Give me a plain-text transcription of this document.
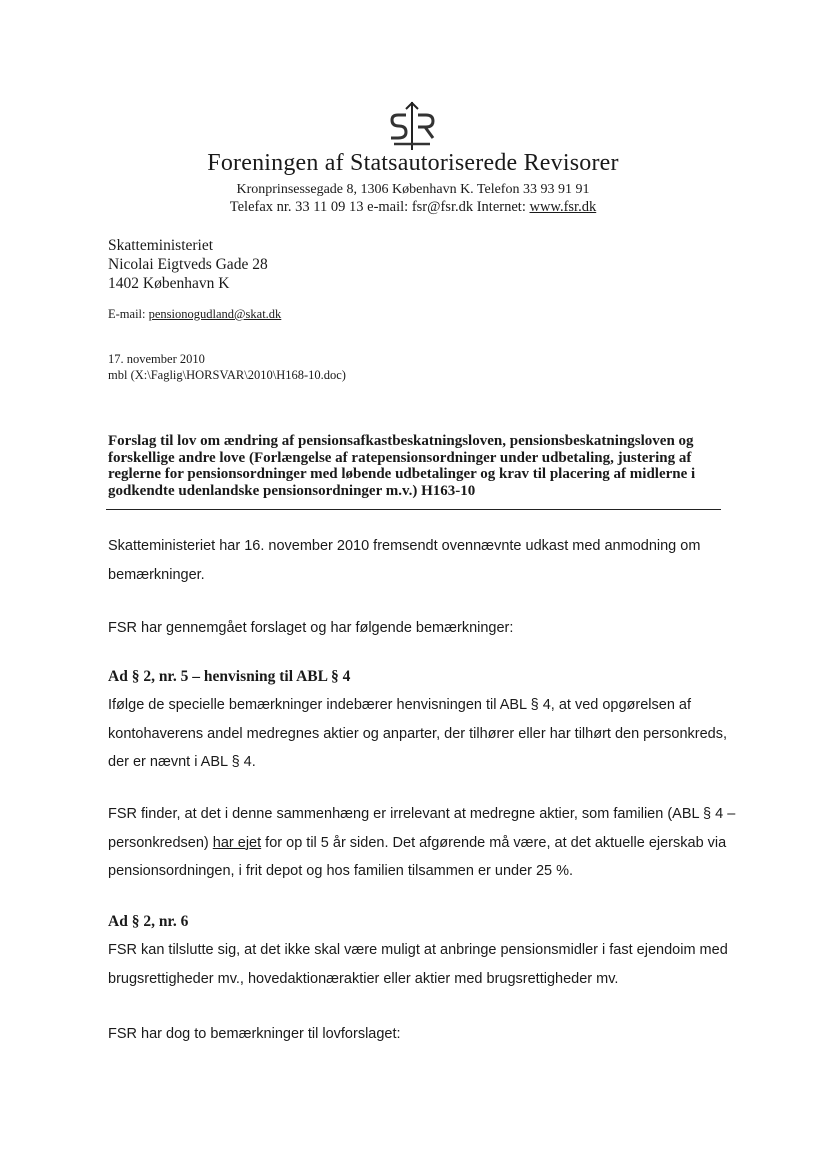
Foreningen af Statsautoriserede Revisorer
Kronprinsessegade 8, 1306 København K. Telefon 33 93 91 91
Telefax nr. 33 11 09 13 e-mail: fsr@fsr.dk Internet: www.fsr.dk
Skatteministeriet
Nicolai Eigtveds Gade 28
1402 København K
E-mail: pensionogudland@skat.dk
17. november 2010
mbl (X:\Faglig\HORSVAR\2010\H168-10.doc)
Forslag til lov om ændring af pensionsafkastbeskatningsloven, pensionsbeskatningsloven og forskellige andre love (Forlængelse af ratepensionsordninger under udbetaling, justering af reglerne for pensionsordninger med løbende udbetalinger og krav til placering af midlerne i godkendte udenlandske pensionsordninger m.v.) H163-10
Skatteministeriet har 16. november 2010 fremsendt ovennævnte udkast med anmodning om bemærkninger.
FSR har gennemgået forslaget og har følgende bemærkninger:
Ad § 2, nr. 5 – henvisning til ABL § 4
Ifølge de specielle bemærkninger indebærer henvisningen til ABL § 4, at ved opgørelsen af kontohaverens andel medregnes aktier og anparter, der tilhører eller har tilhørt den personkreds, der er nævnt i ABL § 4.
FSR finder, at det i denne sammenhæng er irrelevant at medregne aktier, som familien (ABL § 4 –personkredsen) har ejet for op til 5 år siden. Det afgørende må være, at det aktuelle ejerskab via pensionsordningen, i frit depot og hos familien tilsammen er under 25 %.
Ad § 2, nr. 6
FSR kan tilslutte sig, at det ikke skal være muligt at anbringe pensionsmidler i fast ejendoim med brugsrettigheder mv., hovedaktionæraktier eller aktier med brugsrettigheder mv.
FSR har dog to bemærkninger til lovforslaget:
